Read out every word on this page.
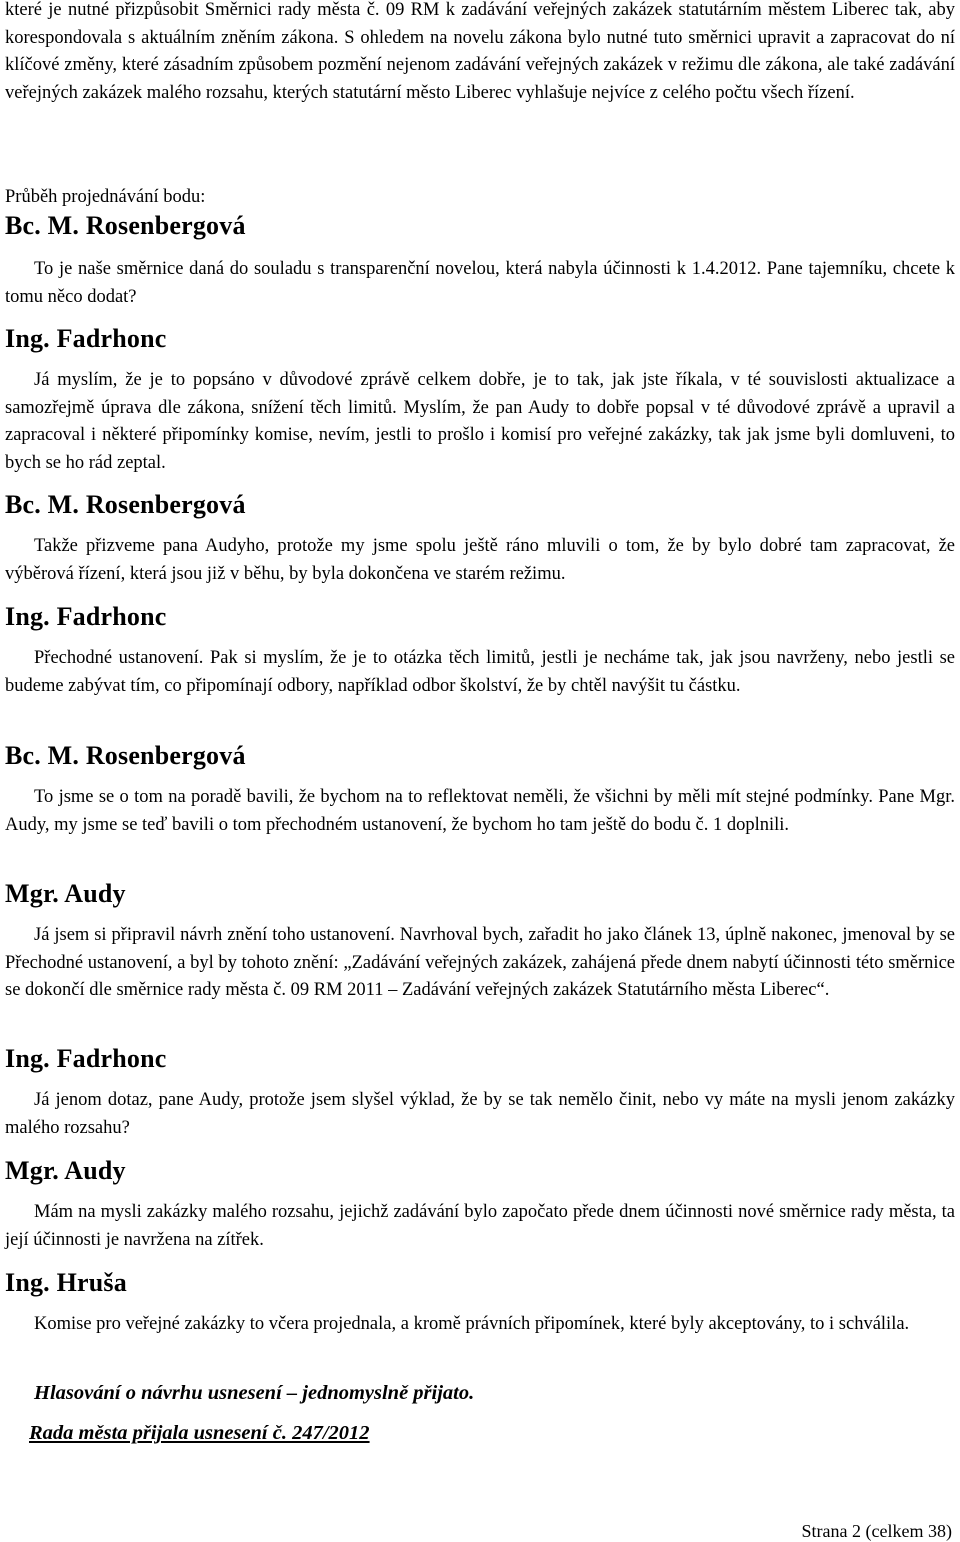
které je nutné přizpůsobit Směrnici rady města č. 09 RM k zadávání veřejných zakázek statutárním městem Liberec tak, aby korespondovala s aktuálním zněním zákona. S ohledem na novelu zákona bylo nutné tuto směrnici upravit a zapracovat do ní klíčové změny, které zásadním způsobem pozmění nejenom zadávání veřejných zakázek v režimu dle zákona, ale také zadávání veřejných zakázek malého rozsahu, kterých statutární město Liberec vyhlašuje nejvíce z celého počtu všech řízení.

Průběh projednávání bodu:

Bc. M. Rosenbergová

To je naše směrnice daná do souladu s transparenční novelou, která nabyla účinnosti k 1.4.2012. Pane tajemníku, chcete k tomu něco dodat?

Ing. Fadrhonc

Já myslím, že je to popsáno v důvodové zprávě celkem dobře, je to tak, jak jste říkala, v té souvislosti aktualizace a samozřejmě úprava dle zákona, snížení těch limitů. Myslím, že pan Audy to dobře popsal v té důvodové zprávě a upravil a zapracoval i některé připomínky komise, nevím, jestli to prošlo i komisí pro veřejné zakázky, tak jak jsme byli domluveni, to bych se ho rád zeptal.

Bc. M. Rosenbergová

Takže přizveme pana Audyho, protože my jsme spolu ještě ráno mluvili o tom, že by bylo dobré tam zapracovat, že výběrová řízení, která jsou již v běhu, by byla dokončena ve starém režimu.

Ing. Fadrhonc

Přechodné ustanovení. Pak si myslím, že je to otázka těch limitů, jestli je necháme tak, jak jsou navrženy, nebo jestli se budeme zabývat tím, co připomínají odbory, například odbor školství, že by chtěl navýšit tu částku.

Bc. M. Rosenbergová

To jsme se o tom na poradě bavili, že bychom na to reflektovat neměli, že všichni by měli mít stejné podmínky. Pane Mgr. Audy, my jsme se teď bavili o tom přechodném ustanovení, že bychom ho tam ještě do bodu č. 1 doplnili.

Mgr. Audy

Já jsem si připravil návrh znění toho ustanovení. Navrhoval bych, zařadit ho jako článek 13, úplně nakonec, jmenoval by se Přechodné ustanovení, a byl by tohoto znění: „Zadávání veřejných zakázek, zahájená přede dnem nabytí účinnosti této směrnice se dokončí dle směrnice rady města č. 09 RM 2011 – Zadávání veřejných zakázek Statutárního města Liberec“.

Ing. Fadrhonc

Já jenom dotaz, pane Audy, protože jsem slyšel výklad, že by se tak nemělo činit, nebo vy máte na mysli jenom zakázky malého rozsahu?

Mgr. Audy

Mám na mysli zakázky malého rozsahu, jejichž zadávání bylo započato přede dnem účinnosti nové směrnice rady města, ta její účinnosti je navržena na zítřek.

Ing. Hruša

Komise pro veřejné zakázky to včera projednala, a kromě právních připomínek, které byly akceptovány, to i schválila.

Hlasování o návrhu usnesení – jednomyslně přijato.

Rada města přijala usnesení č. 247/2012

Strana 2 (celkem 38)
